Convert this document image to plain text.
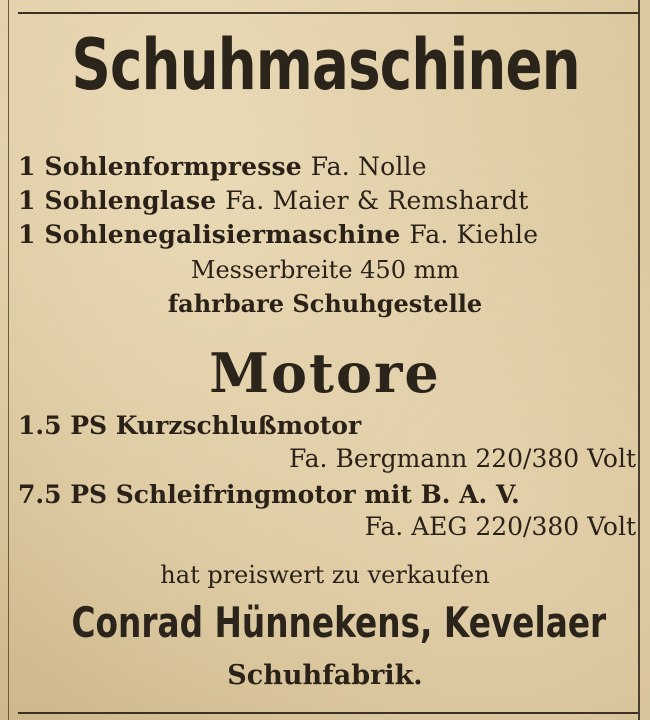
Schuhmaschinen
1 Sohlenformpresse Fa. Nolle
1 Sohlenglase Fa. Maier & Remshardt
1 Sohlenegalisiermaschine Fa. Kiehle
Messerbreite 450 mm
fahrbare Schuhgestelle
Motore
1.5 PS Kurzschlußmotor
Fa. Bergmann 220/380 Volt
7.5 PS Schleifringmotor mit B. A. V.
Fa. AEG 220/380 Volt
hat preiswert zu verkaufen
Conrad Hünnekens, Kevelaer
Schuhfabrik.
